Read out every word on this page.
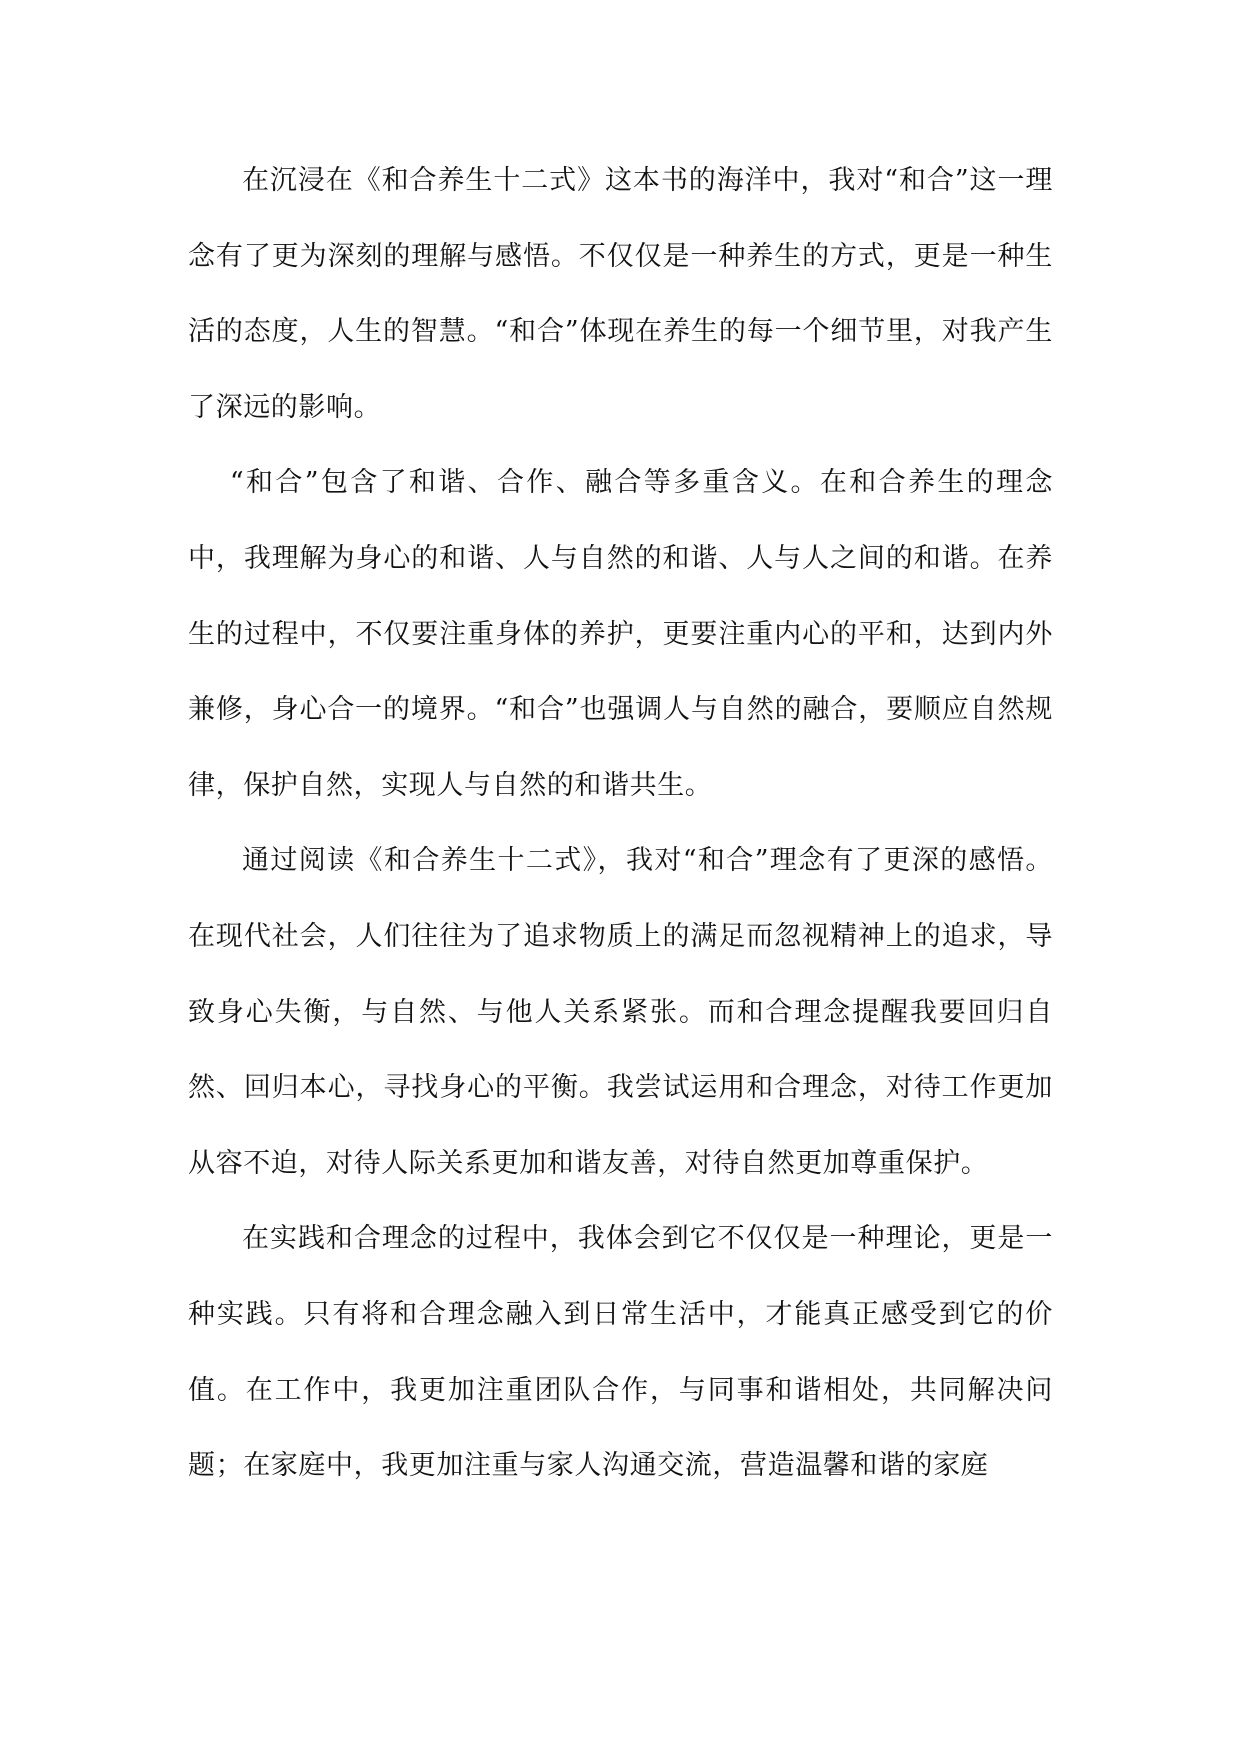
在沉浸在《和合养生十二式》这本书的海洋中，我对“和合”这一理念有了更为深刻的理解与感悟。不仅仅是一种养生的方式，更是一种生活的态度，人生的智慧。“和合”体现在养生的每一个细节里，对我产生了深远的影响。

“和合”包含了和谐、合作、融合等多重含义。在和合养生的理念中，我理解为身心的和谐、人与自然的和谐、人与人之间的和谐。在养生的过程中，不仅要注重身体的养护，更要注重内心的平和，达到内外兼修，身心合一的境界。“和合”也强调人与自然的融合，要顺应自然规律，保护自然，实现人与自然的和谐共生。

通过阅读《和合养生十二式》，我对“和合”理念有了更深的感悟。在现代社会，人们往往为了追求物质上的满足而忽视精神上的追求，导致身心失衡，与自然、与他人关系紧张。而和合理念提醒我要回归自然、回归本心，寻找身心的平衡。我尝试运用和合理念，对待工作更加从容不迫，对待人际关系更加和谐友善，对待自然更加尊重保护。

在实践和合理念的过程中，我体会到它不仅仅是一种理论，更是一种实践。只有将和合理念融入到日常生活中，才能真正感受到它的价值。在工作中，我更加注重团队合作，与同事和谐相处，共同解决问题；在家庭中，我更加注重与家人沟通交流，营造温馨和谐的家庭
